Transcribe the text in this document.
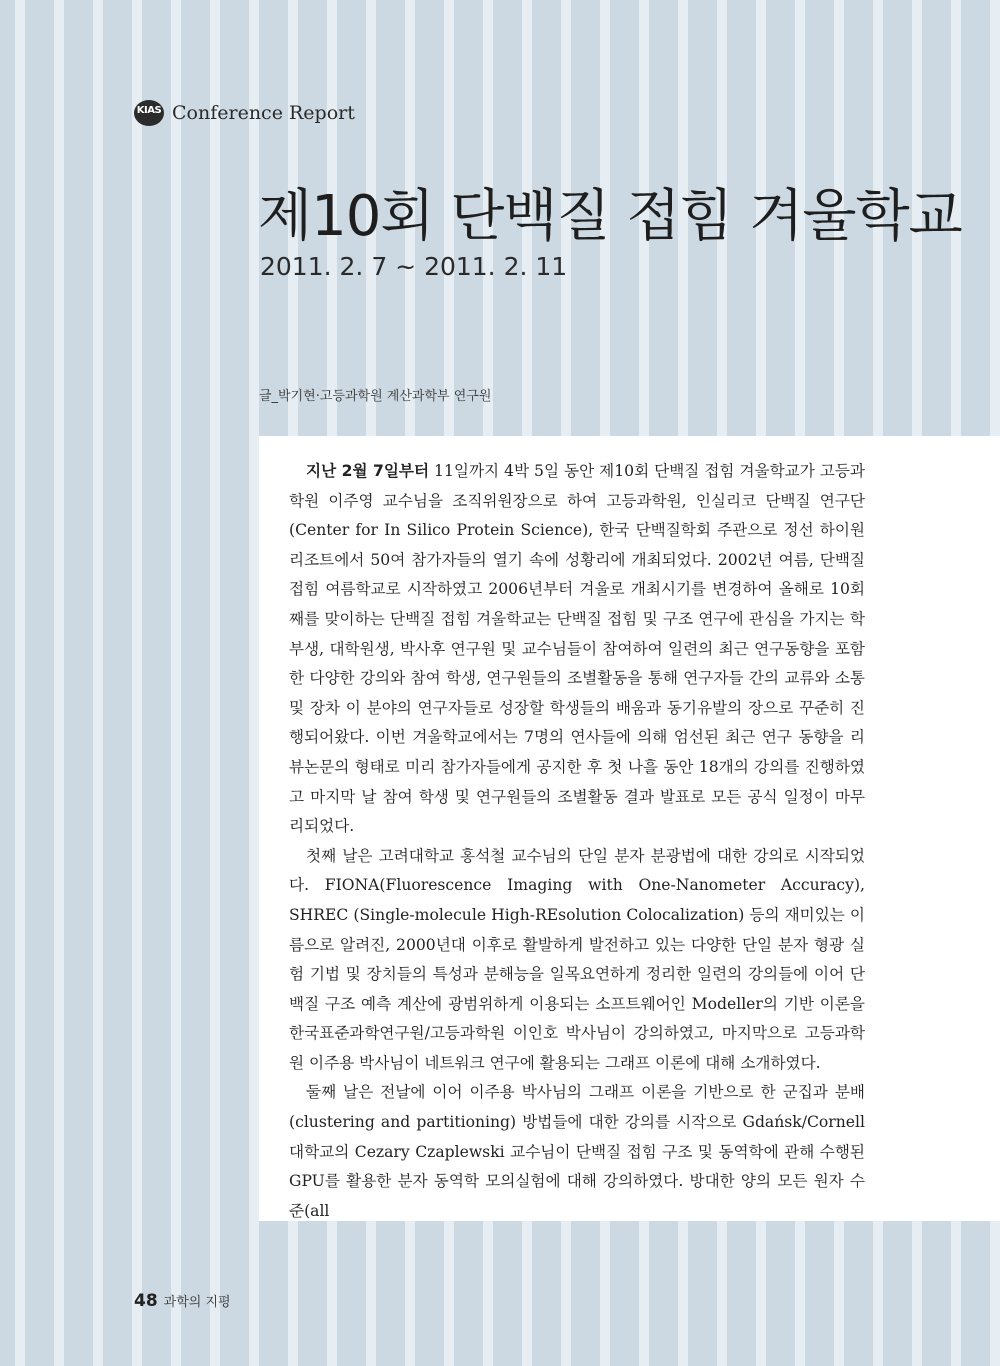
KIAS Conference Report
제10회 단백질 접힘 겨울학교
2011. 2. 7 ~ 2011. 2. 11
글_박기현·고등과학원 계산과학부 연구원

지난 2월 7일부터 11일까지 4박 5일 동안 제10회 단백질 접힘 겨울학교가 고등과학원 이주영 교수님을 조직위원장으로 하여 고등과학원, 인실리코 단백질 연구단(Center for In Silico Protein Science), 한국 단백질학회 주관으로 정선 하이원리조트에서 50여 참가자들의 열기 속에 성황리에 개최되었다. 2002년 여름, 단백질 접힘 여름학교로 시작하였고 2006년부터 겨울로 개최시기를 변경하여 올해로 10회째를 맞이하는 단백질 접힘 겨울학교는 단백질 접힘 및 구조 연구에 관심을 가지는 학부생, 대학원생, 박사후 연구원 및 교수님들이 참여하여 일련의 최근 연구동향을 포함한 다양한 강의와 참여 학생, 연구원들의 조별활동을 통해 연구자들 간의 교류와 소통 및 장차 이 분야의 연구자들로 성장할 학생들의 배움과 동기유발의 장으로 꾸준히 진행되어왔다. 이번 겨울학교에서는 7명의 연사들에 의해 엄선된 최근 연구 동향을 리뷰논문의 형태로 미리 참가자들에게 공지한 후 첫 나흘 동안 18개의 강의를 진행하였고 마지막 날 참여 학생 및 연구원들의 조별활동 결과 발표로 모든 공식 일정이 마무리되었다.

첫째 날은 고려대학교 홍석철 교수님의 단일 분자 분광법에 대한 강의로 시작되었다. FIONA(Fluorescence Imaging with One-Nanometer Accuracy), SHREC (Single-molecule High-REsolution Colocalization) 등의 재미있는 이름으로 알려진, 2000년대 이후로 활발하게 발전하고 있는 다양한 단일 분자 형광 실험 기법 및 장치들의 특성과 분해능을 일목요연하게 정리한 일련의 강의들에 이어 단백질 구조 예측 계산에 광범위하게 이용되는 소프트웨어인 Modeller의 기반 이론을 한국표준과학연구원/고등과학원 이인호 박사님이 강의하였고, 마지막으로 고등과학원 이주용 박사님이 네트워크 연구에 활용되는 그래프 이론에 대해 소개하였다.

둘째 날은 전날에 이어 이주용 박사님의 그래프 이론을 기반으로 한 군집과 분배(clustering and partitioning) 방법들에 대한 강의를 시작으로 Gdańsk/Cornell 대학교의 Cezary Czaplewski 교수님이 단백질 접힘 구조 및 동역학에 관해 수행된 GPU를 활용한 분자 동역학 모의실험에 대해 강의하였다. 방대한 양의 모든 원자 수준(all

48 과학의 지평
